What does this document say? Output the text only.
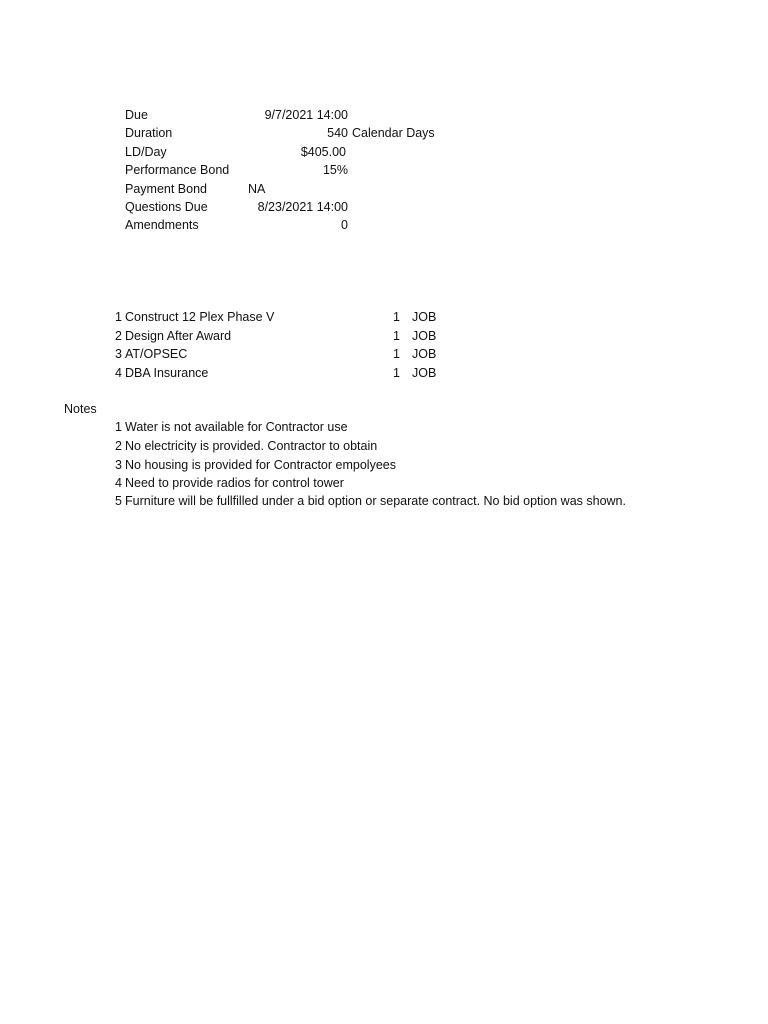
Due	9/7/2021 14:00
Duration	540 Calendar Days
LD/Day	$405.00
Performance Bond	15%
Payment Bond	NA
Questions Due	8/23/2021 14:00
Amendments	0
1 Construct 12 Plex Phase V	1 JOB
2 Design After Award	1 JOB
3 AT/OPSEC	1 JOB
4 DBA Insurance	1 JOB
Notes
1 Water is not available for Contractor use
2 No electricity is provided. Contractor to obtain
3 No housing is provided for Contractor empolyees
4 Need to provide radios for control tower
5 Furniture will be fullfilled under a bid option or separate contract. No bid option was shown.
